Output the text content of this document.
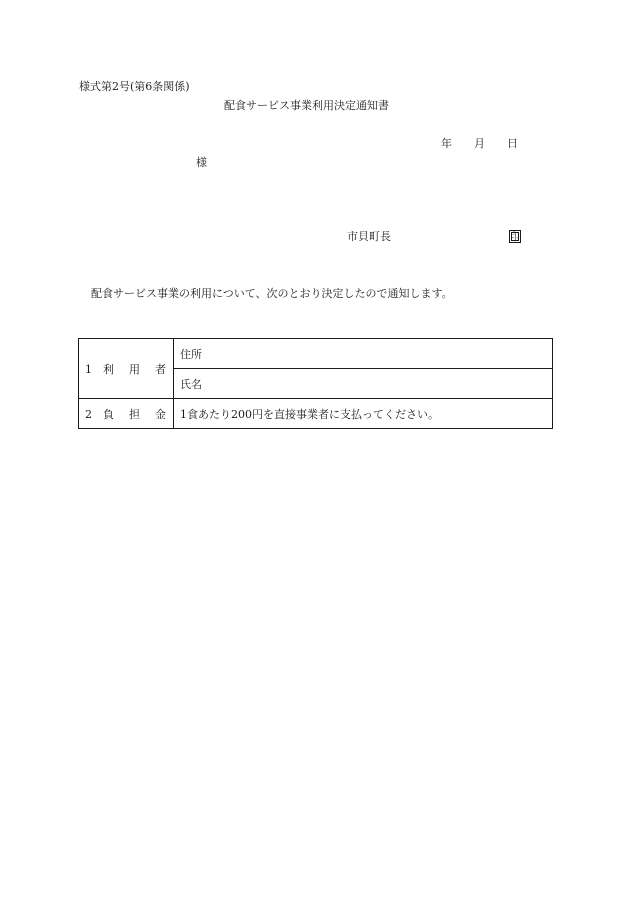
様式第2号(第6条関係)
配食サービス事業利用決定通知書
年 月 日
様
市貝町長	印
配食サービス事業の利用について、次のとおり決定したので通知します。
1 利 用 者	住所
	氏名
2 負 担 金	1食あたり200円を直接事業者に支払ってください。
